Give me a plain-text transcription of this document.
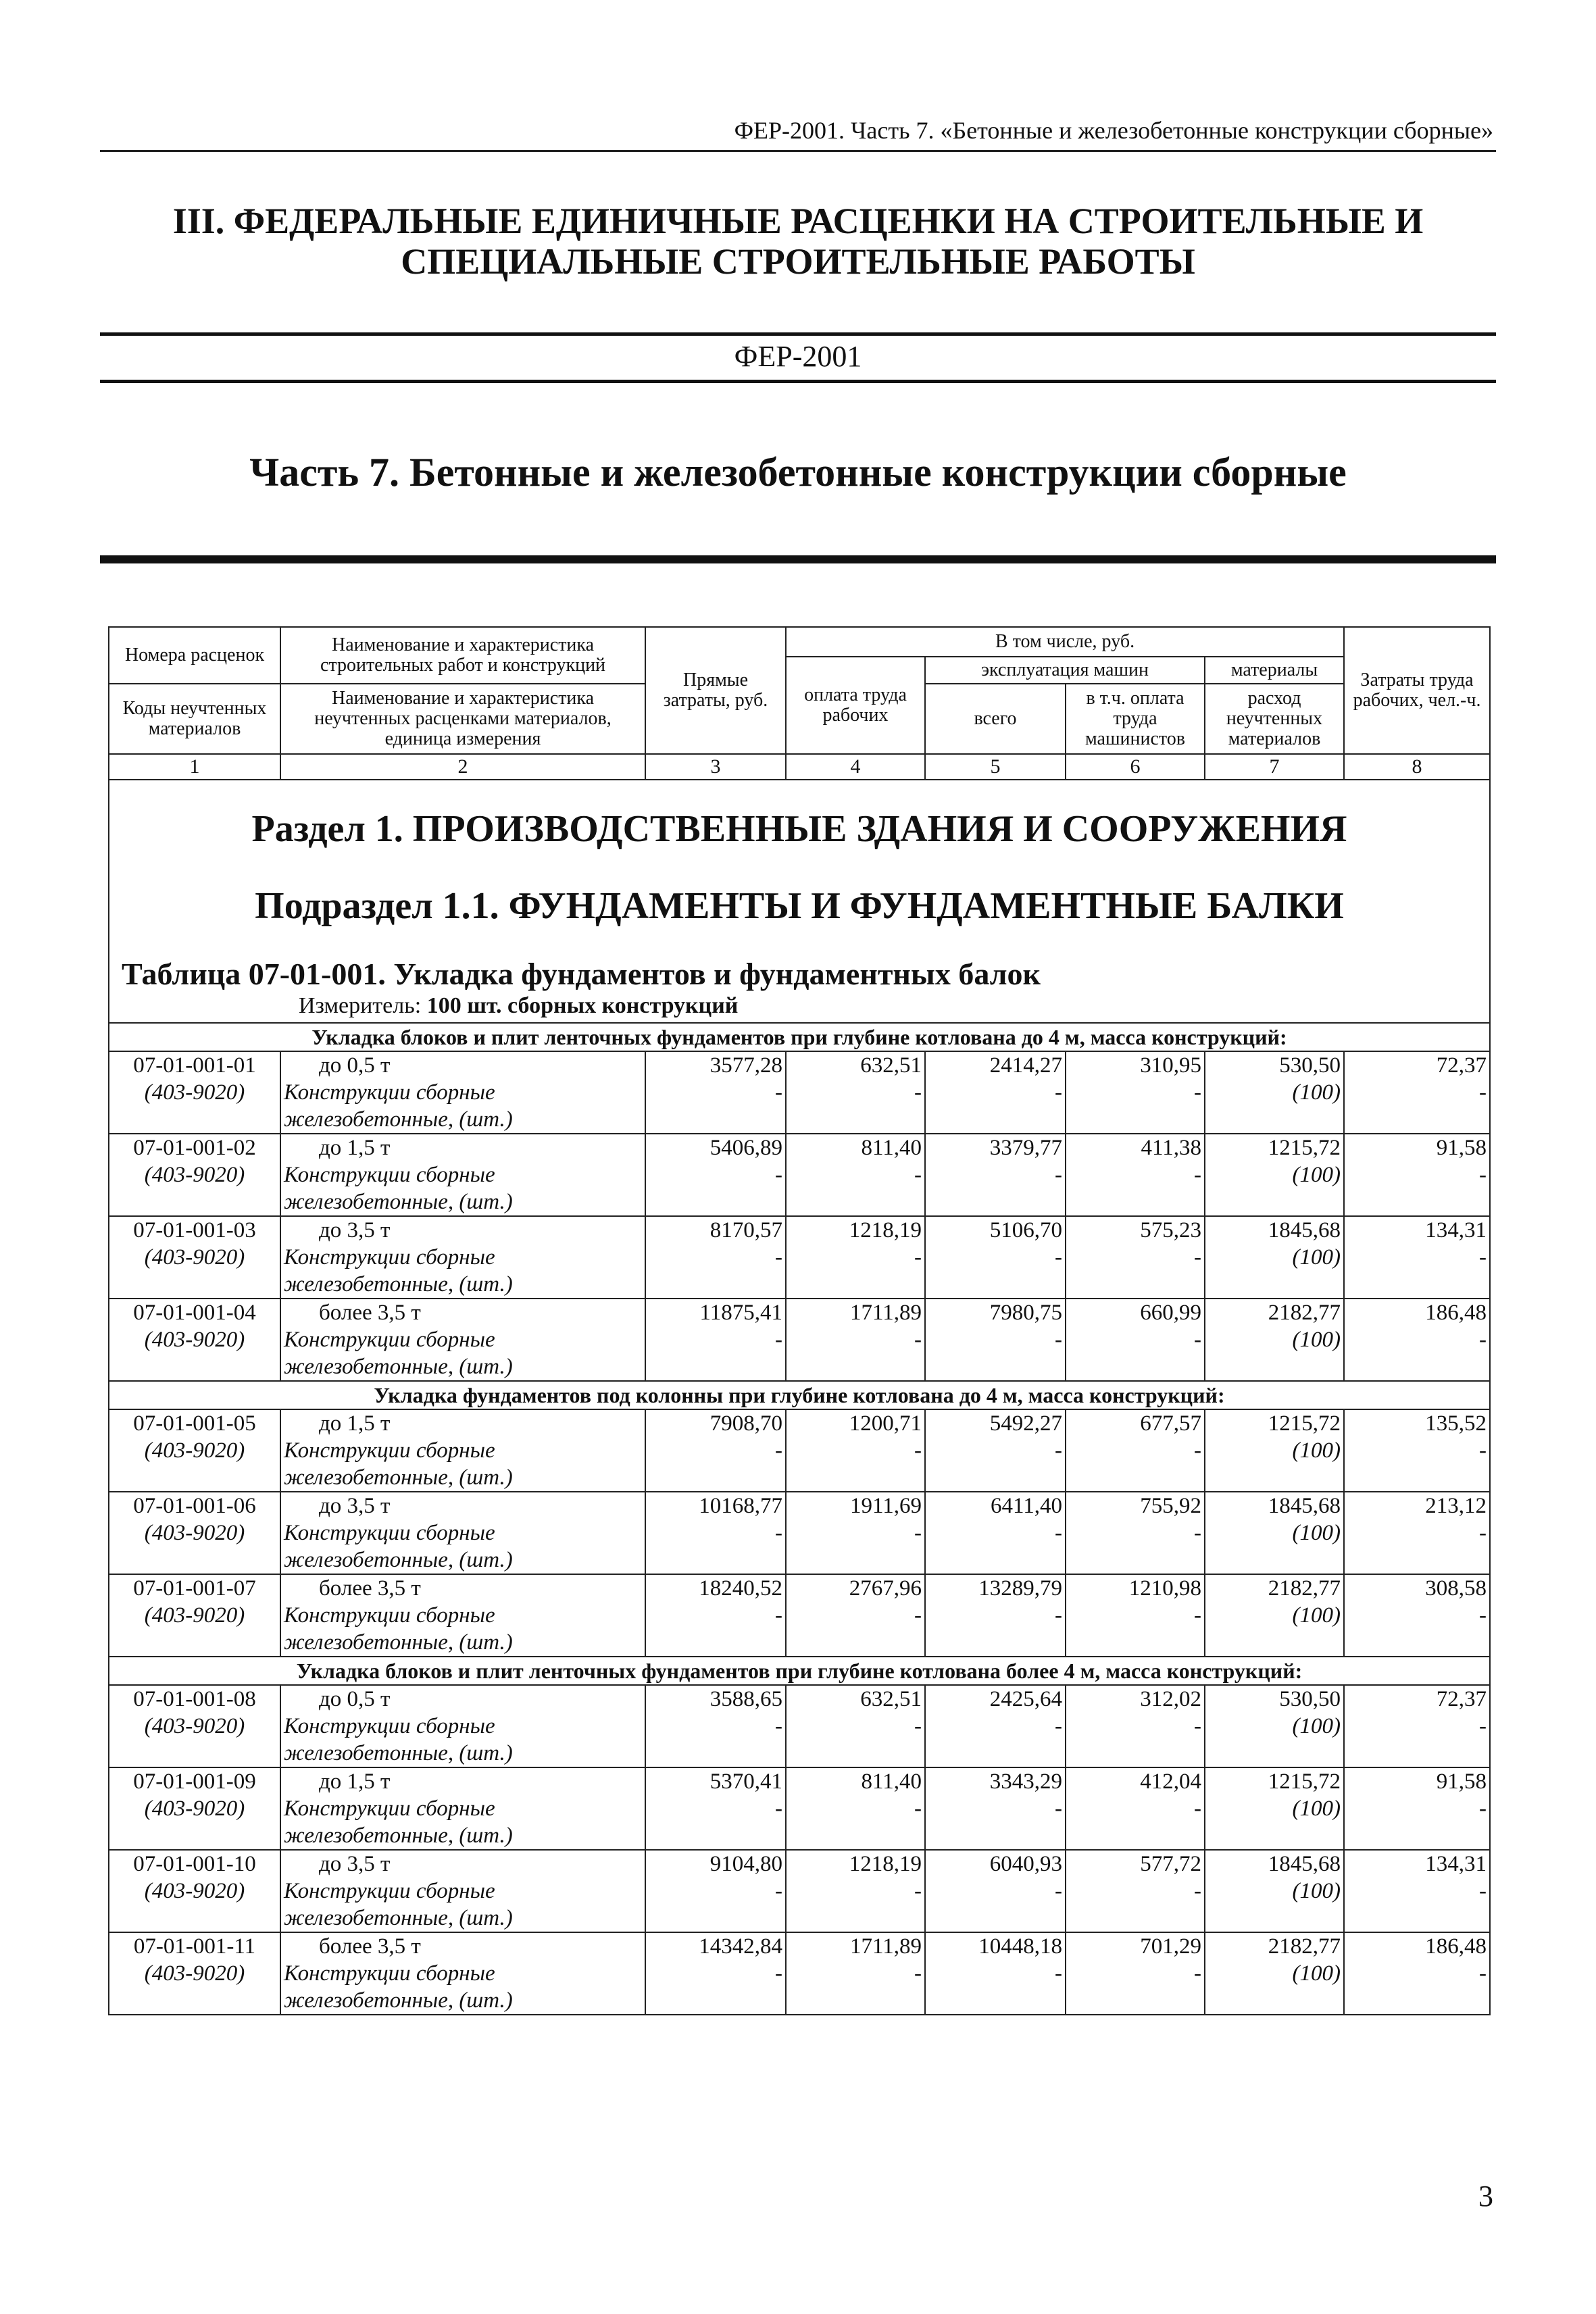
ФЕР-2001. Часть 7. «Бетонные и железобетонные конструкции сборные»
III. ФЕДЕРАЛЬНЫЕ ЕДИНИЧНЫЕ РАСЦЕНКИ НА СТРОИТЕЛЬНЫЕ И
СПЕЦИАЛЬНЫЕ СТРОИТЕЛЬНЫЕ РАБОТЫ
ФЕР-2001
Часть 7. Бетонные и железобетонные конструкции сборные
Номера расценок	Наименование и характеристика строительных работ и конструкций	Прямые затраты, руб.	В том числе, руб.				Затраты труда рабочих, чел.-ч.
			оплата труда рабочих	эксплуатация машин		материалы	
Коды неучтенных материалов	Наименование и характеристика неучтенных расценками материалов, единица измерения			всего	в т.ч. оплата труда машинистов	расход неучтенных материалов	

1	2	3	4	5	6	7	8

Раздел 1. ПРОИЗВОДСТВЕННЫЕ ЗДАНИЯ И СООРУЖЕНИЯ
Подраздел 1.1. ФУНДАМЕНТЫ И ФУНДАМЕНТНЫЕ БАЛКИ
Таблица 07-01-001. Укладка фундаментов и фундаментных балок
Измеритель: 100 шт. сборных конструкций							

Укладка блоков и плит ленточных фундаментов при глубине котлована до 4 м, масса конструкций:							
07-01-001-01	до 0,5 т	3577,28	632,51	2414,27	310,95	530,50	72,37
(403-9020)	Конструкции сборные	-	-	-	-	(100)	-
	железобетонные, (шт.)						
07-01-001-02	до 1,5 т	5406,89	811,40	3379,77	411,38	1215,72	91,58
(403-9020)	Конструкции сборные	-	-	-	-	(100)	-
	железобетонные, (шт.)						
07-01-001-03	до 3,5 т	8170,57	1218,19	5106,70	575,23	1845,68	134,31
(403-9020)	Конструкции сборные	-	-	-	-	(100)	-
	железобетонные, (шт.)						
07-01-001-04	более 3,5 т	11875,41	1711,89	7980,75	660,99	2182,77	186,48
(403-9020)	Конструкции сборные	-	-	-	-	(100)	-
	железобетонные, (шт.)						
Укладка фундаментов под колонны при глубине котлована до 4 м, масса конструкций:							
07-01-001-05	до 1,5 т	7908,70	1200,71	5492,27	677,57	1215,72	135,52
(403-9020)	Конструкции сборные	-	-	-	-	(100)	-
	железобетонные, (шт.)						
07-01-001-06	до 3,5 т	10168,77	1911,69	6411,40	755,92	1845,68	213,12
(403-9020)	Конструкции сборные	-	-	-	-	(100)	-
	железобетонные, (шт.)						
07-01-001-07	более 3,5 т	18240,52	2767,96	13289,79	1210,98	2182,77	308,58
(403-9020)	Конструкции сборные	-	-	-	-	(100)	-
	железобетонные, (шт.)						
Укладка блоков и плит ленточных фундаментов при глубине котлована более 4 м, масса конструкций:							
07-01-001-08	до 0,5 т	3588,65	632,51	2425,64	312,02	530,50	72,37
(403-9020)	Конструкции сборные	-	-	-	-	(100)	-
	железобетонные, (шт.)						
07-01-001-09	до 1,5 т	5370,41	811,40	3343,29	412,04	1215,72	91,58
(403-9020)	Конструкции сборные	-	-	-	-	(100)	-
	железобетонные, (шт.)						
07-01-001-10	до 3,5 т	9104,80	1218,19	6040,93	577,72	1845,68	134,31
(403-9020)	Конструкции сборные	-	-	-	-	(100)	-
	железобетонные, (шт.)						
07-01-001-11	более 3,5 т	14342,84	1711,89	10448,18	701,29	2182,77	186,48
(403-9020)	Конструкции сборные	-	-	-	-	(100)	-
	железобетонные, (шт.)						
3
